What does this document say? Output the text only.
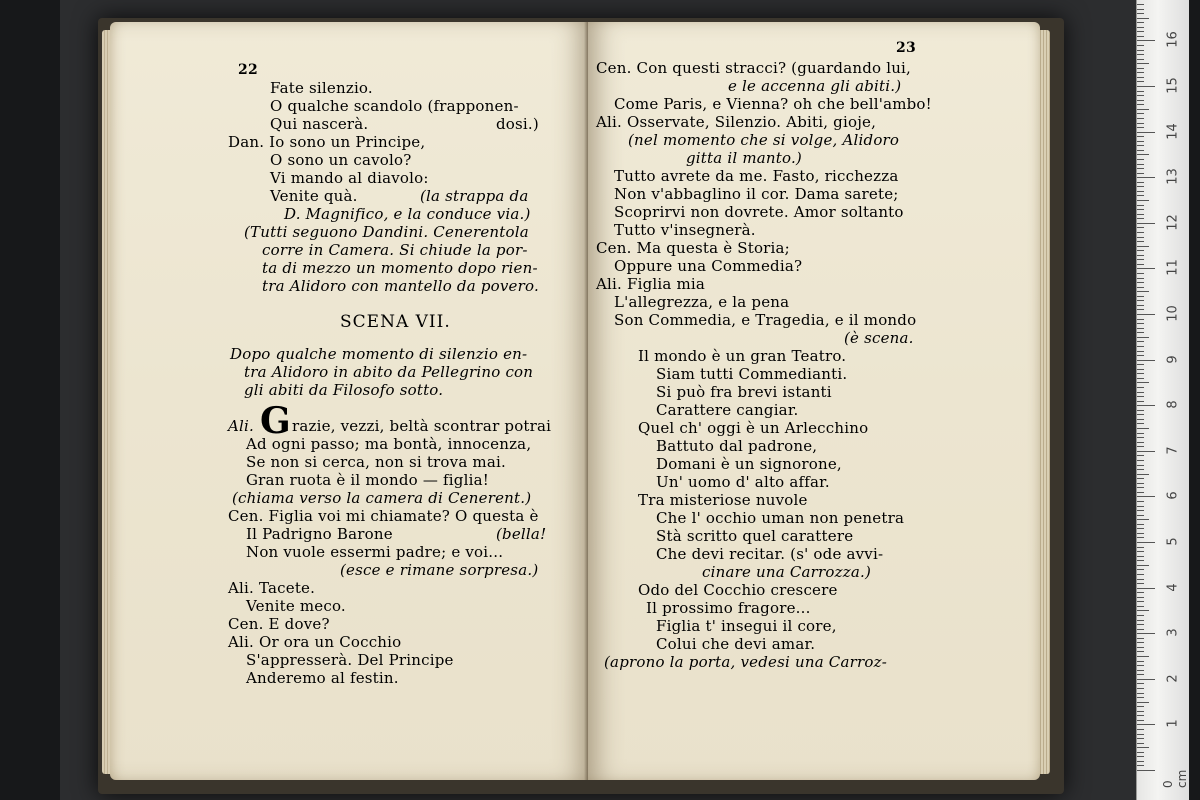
22
Fate silenzio.
O qualche scandolo (frapponen-
Qui nascerà.	dosi.)
Dan. Io sono un Principe,
O sono un cavolo?
Vi mando al diavolo:
Venite quà.	(la strappa da
D. Magnifico, e la conduce via.)
(Tutti seguono Dandini. Cenerentola
corre in Camera. Si chiude la por-
ta di mezzo un momento dopo rien-
tra Alidoro con mantello da povero.
SCENA VII.
Dopo qualche momento di silenzio en-
tra Alidoro in abito da Pellegrino con
gli abiti da Filosofo sotto.
Ali. G razie, vezzi, beltà scontrar potrai
Ad ogni passo; ma bontà, innocenza,
Se non si cerca, non si trova mai.
Gran ruota è il mondo — figlia!
(chiama verso la camera di Cenerent.)
Cen. Figlia voi mi chiamate? O questa è
Il Padrigno Barone	(bella!
Non vuole essermi padre; e voi...
(esce e rimane sorpresa.)
Ali. Tacete.
Venite meco.
Cen. E dove?
Ali. Or ora un Cocchio
S'appresserà. Del Principe
Anderemo al festin.
23
Cen. Con questi stracci? (guardando lui,
e le accenna gli abiti.)
Come Paris, e Vienna? oh che bell'ambo!
Ali. Osservate, Silenzio. Abiti, gioje,
(nel momento che si volge, Alidoro
gitta il manto.)
Tutto avrete da me. Fasto, ricchezza
Non v'abbaglino il cor. Dama sarete;
Scoprirvi non dovrete. Amor soltanto
Tutto v'insegnerà.
Cen. Ma questa è Storia;
Oppure una Commedia?
Ali. Figlia mia
L'allegrezza, e la pena
Son Commedia, e Tragedia, e il mondo
(è scena.
Il mondo è un gran Teatro.
Siam tutti Commedianti.
Si può fra brevi istanti
Carattere cangiar.
Quel ch' oggi è un Arlecchino
Battuto dal padrone,
Domani è un signorone,
Un' uomo d' alto affar.
Tra misteriose nuvole
Che l' occhio uman non penetra
Stà scritto quel carattere
Che devi recitar. (s' ode avvi-
cinare una Carrozza.)
Odo del Cocchio crescere
Il prossimo fragore...
Figlia t' insegui il core,
Colui che devi amar.
(aprono la porta, vedesi una Carroz-
1
2
3
4
5
6
7
8
9
10
11
12
13
14
15
16
0 cm
